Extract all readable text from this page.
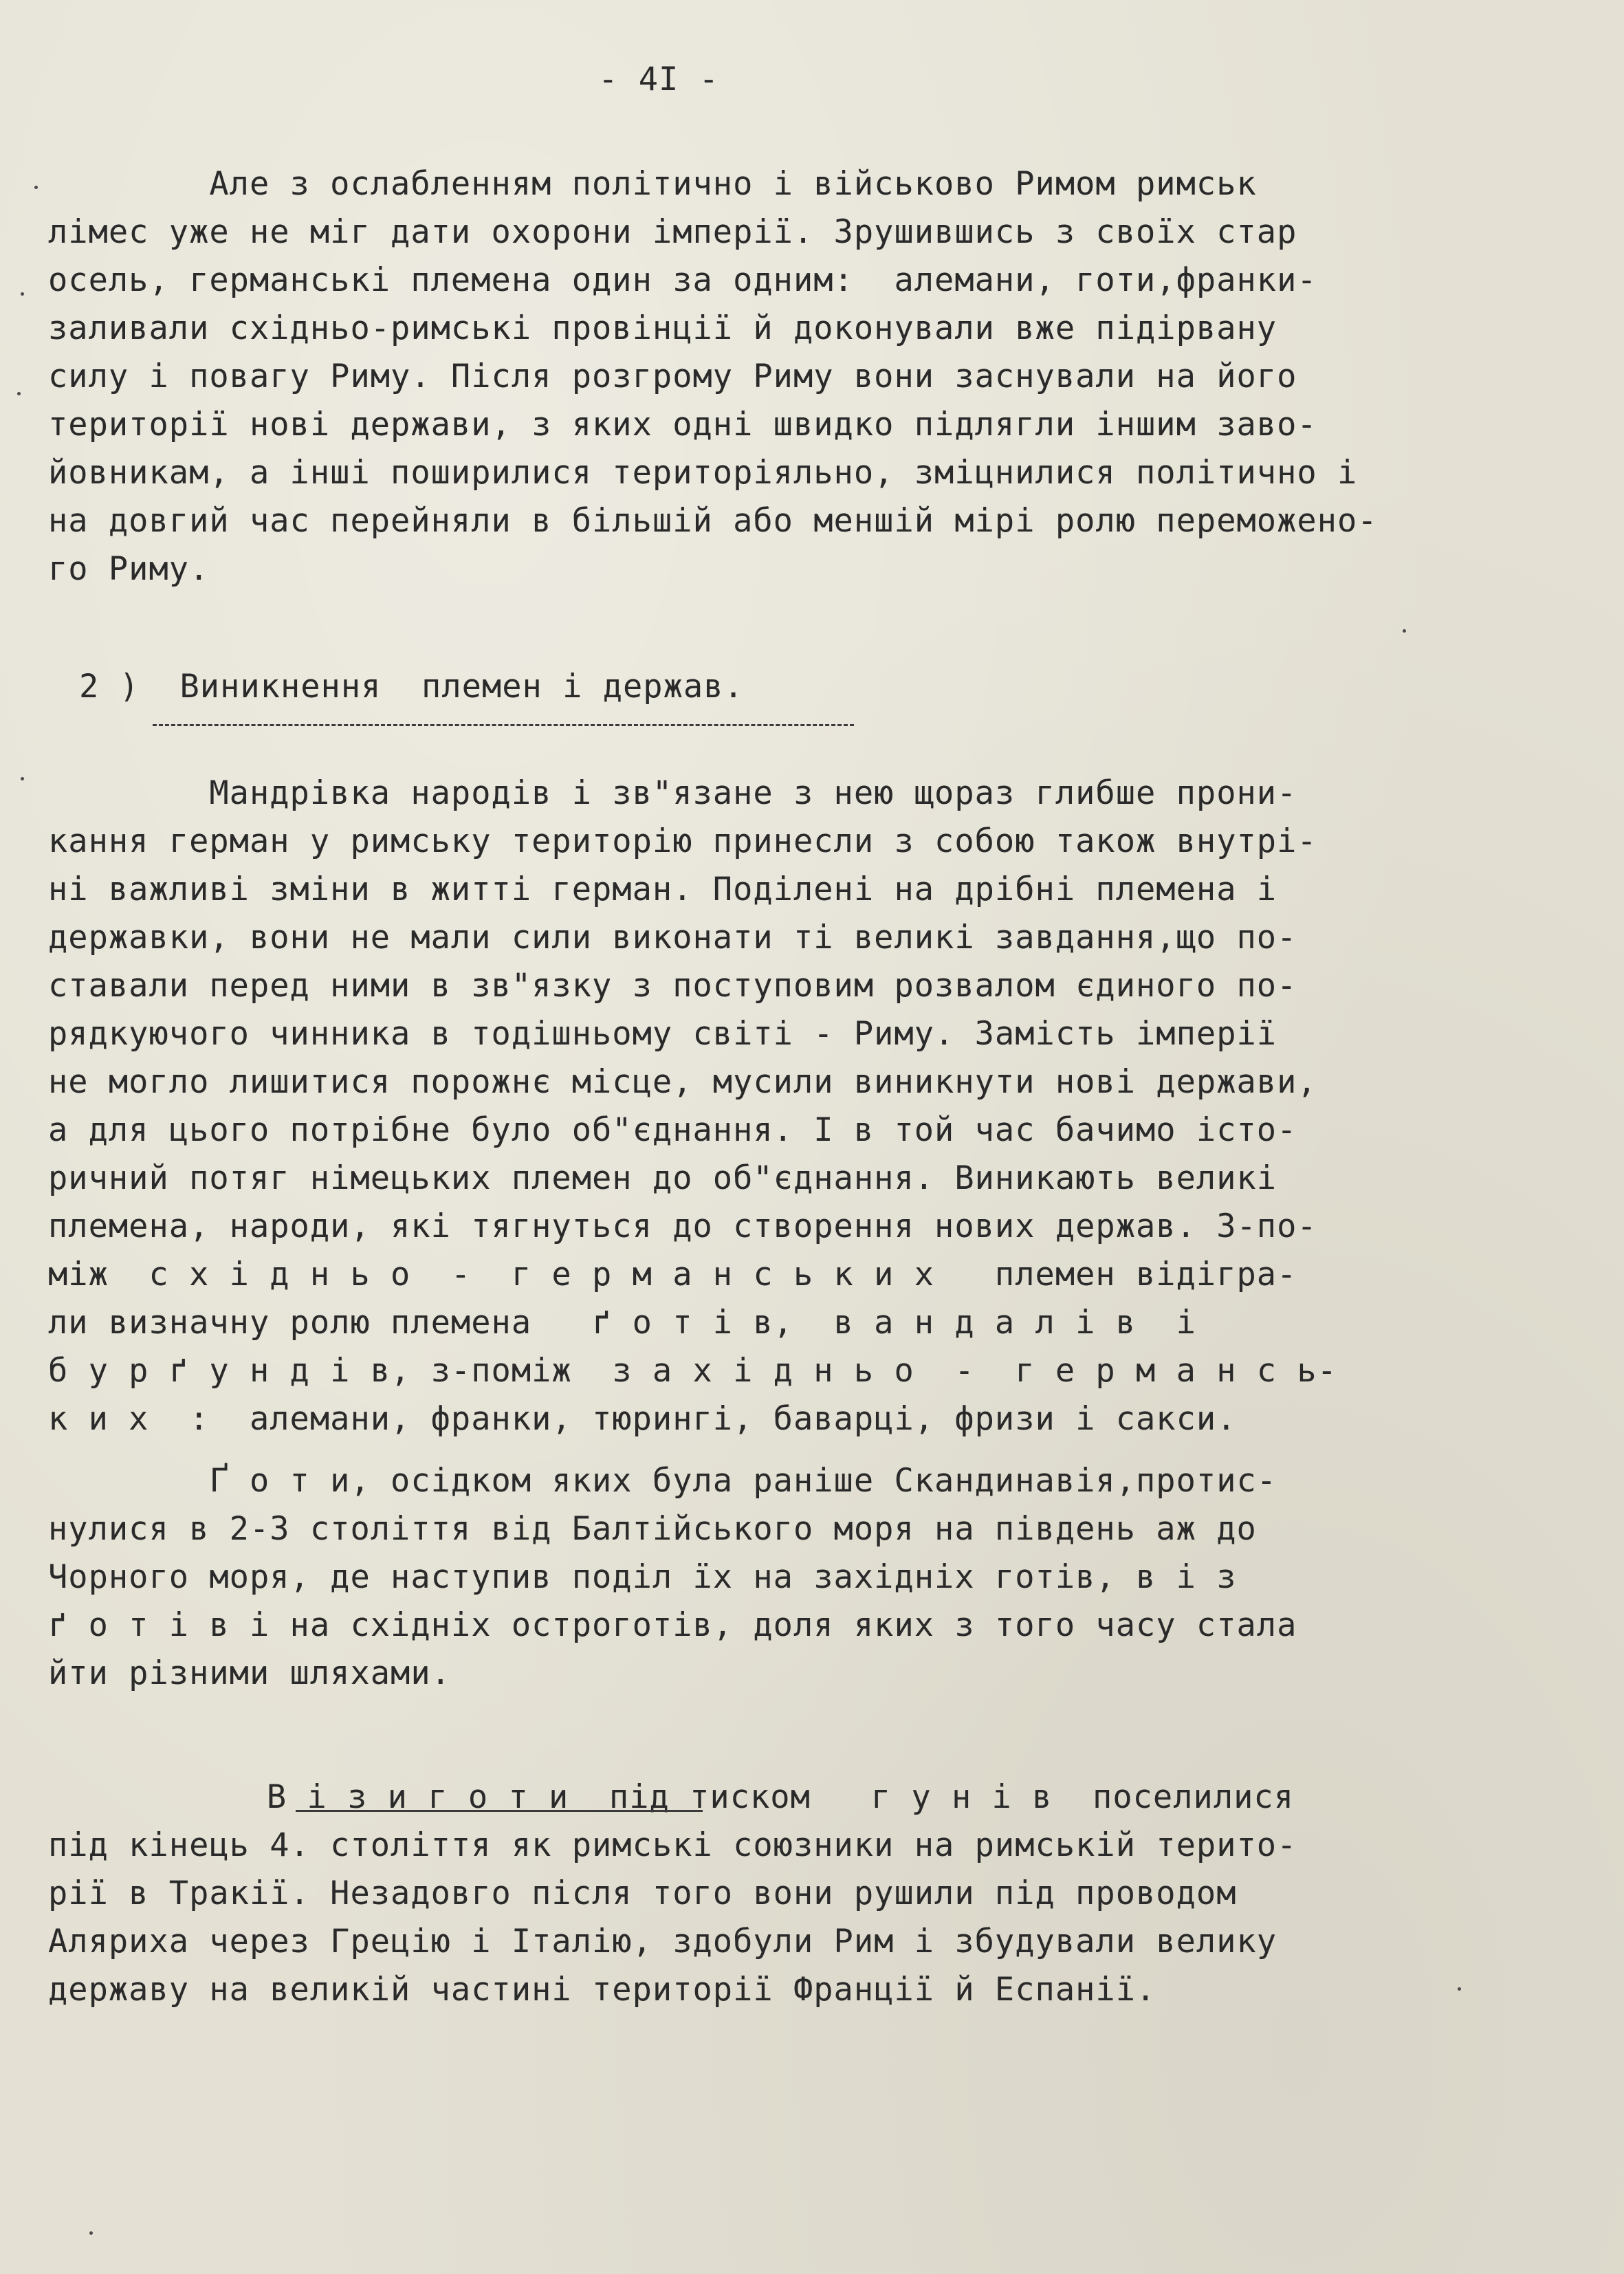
- 4I -
Але з ослабленням політично і військово Римом римськ
лімес уже не міг дати охорони імперії. Зрушившись з своїх стар
осель, германські племена один за одним:  алемани, готи,франки-
заливали східньо-римські провінції й доконували вже підірвану
силу і повагу Риму. Після розгрому Риму вони заснували на його
території нові держави, з яких одні швидко підлягли іншим заво-
йовникам, а інші поширилися територіяльно, зміцнилися політично і
на довгий час перейняли в більшій або меншій мірі ролю переможено-
го Риму.
2 )  Виникнення  племен і держав.
Мандрівка народів і зв"язане з нею щораз глибше прони-
кання герман у римську територію принесли з собою також внутрі-
ні важливі зміни в житті герман. Поділені на дрібні племена і
державки, вони не мали сили виконати ті великі завдання,що по-
ставали перед ними в зв"язку з поступовим розвалом єдиного по-
рядкуючого чинника в тодішньому світі - Риму. Замість імперії
не могло лишитися порожнє місце, мусили виникнути нові держави,
а для цього потрібне було об"єднання. І в той час бачимо істо-
ричний потяг німецьких племен до об"єднання. Виникають великі
племена, народи, які тягнуться до створення нових держав. З-по-
між  с х і д н ь о  -  г е р м а н с ь к и х   племен відігра-
ли визначну ролю племена   ґ о т і в,  в а н д а л і в  і
б у р ґ у н д і в, з-поміж  з а х і д н ь о  -  г е р м а н с ь-
к и х  :  алемани, франки, тюрингі, баварці, фризи і сакси.
Ґ о т и, осідком яких була раніше Скандинавія,протис-
нулися в 2-3 століття від Балтійського моря на південь аж до
Чорного моря, де наступив поділ їх на західніх готів, в і з
ґ о т і в і на східніх остроготів, доля яких з того часу стала
йти різними шляхами.
В і з и г о т и  під тиском   г у н і в  поселилися
під кінець 4. століття як римські союзники на римській терито-
рії в Тракії. Незадовго після того вони рушили під проводом
Аляриха через Грецію і Італію, здобули Рим і збудували велику
державу на великій частині території Франції й Еспанії.
